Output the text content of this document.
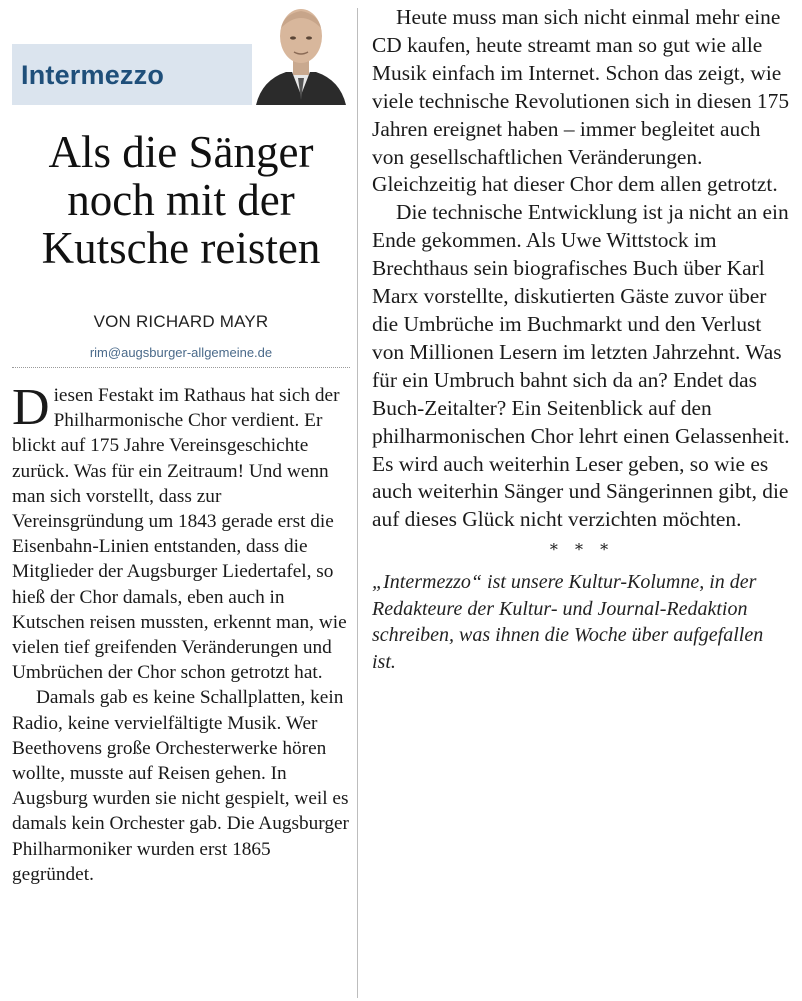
Intermezzo
Als die Sänger
noch mit der
Kutsche reisten
VON RICHARD MAYR
rim@augsburger-allgemeine.de

Diesen Festakt im Rathaus hat sich der Philharmonische Chor verdient. Er blickt auf 175 Jahre Vereinsgeschichte zurück. Was für ein Zeitraum! Und wenn man sich vorstellt, dass zur Vereinsgründung um 1843 gerade erst die Eisenbahn-Linien entstanden, dass die Mitglieder der Augsburger Liedertafel, so hieß der Chor damals, eben auch in Kutschen reisen mussten, erkennt man, wie vielen tief greifenden Veränderungen und Umbrüchen der Chor schon getrotzt hat.

Damals gab es keine Schallplatten, kein Radio, keine vervielfältigte Musik. Wer Beethovens große Orchesterwerke hören wollte, musste auf Reisen gehen. In Augsburg wurden sie nicht gespielt, weil es damals kein Orchester gab. Die Augsburger Philharmoniker wurden erst 1865 gegründet.

Heute muss man sich nicht einmal mehr eine CD kaufen, heute streamt man so gut wie alle Musik einfach im Internet. Schon das zeigt, wie viele technische Revolutionen sich in diesen 175 Jahren ereignet haben – immer begleitet auch von gesellschaftlichen Veränderungen. Gleichzeitig hat dieser Chor dem allen getrotzt.

Die technische Entwicklung ist ja nicht an ein Ende gekommen. Als Uwe Wittstock im Brechthaus sein biografisches Buch über Karl Marx vorstellte, diskutierten Gäste zuvor über die Umbrüche im Buchmarkt und den Verlust von Millionen Lesern im letzten Jahrzehnt. Was für ein Umbruch bahnt sich da an? Endet das Buch-Zeitalter? Ein Seitenblick auf den philharmonischen Chor lehrt einen Gelassenheit. Es wird auch weiterhin Leser geben, so wie es auch weiterhin Sänger und Sängerinnen gibt, die auf dieses Glück nicht verzichten möchten.

* * *
„Intermezzo“ ist unsere Kultur-Kolumne, in der Redakteure der Kultur- und Journal-Redaktion schreiben, was ihnen die Woche über aufgefallen ist.
